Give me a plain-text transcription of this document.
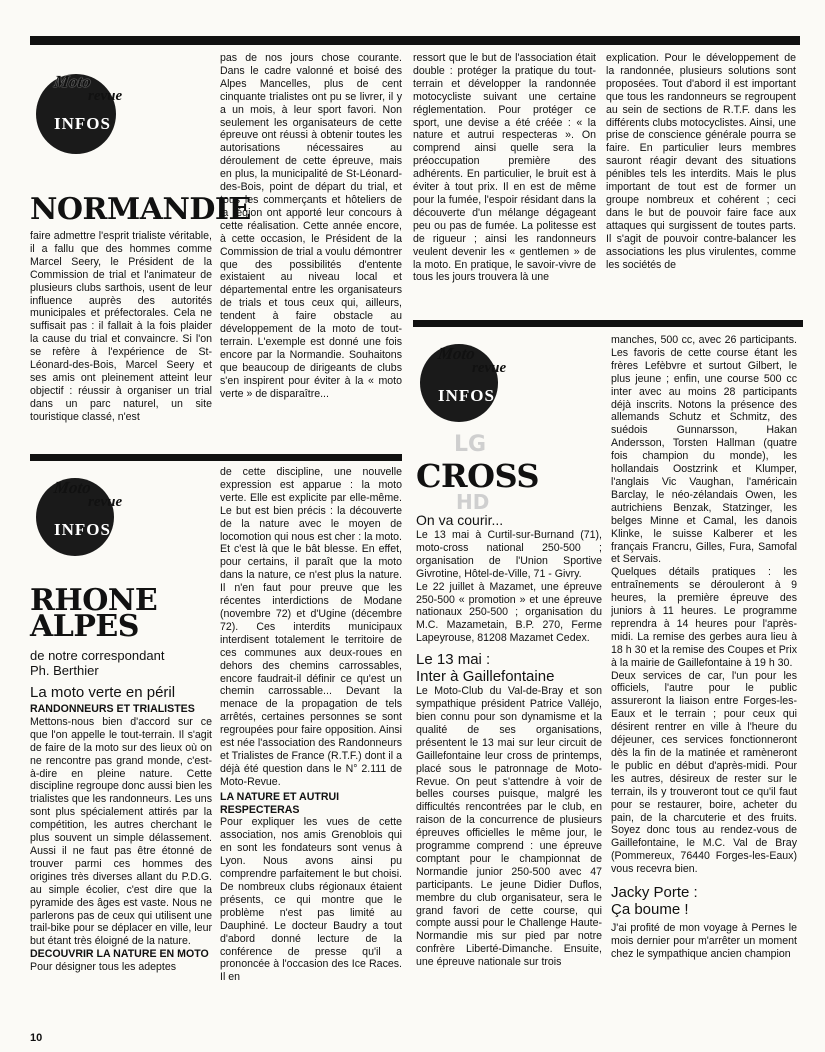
Moto
revue
INFOS
NORMANDIE

faire admettre l'esprit trialiste véritable, il a fallu que des hommes comme Marcel Seery, le Président de la Commission de trial et l'animateur de plusieurs clubs sarthois, usent de leur influence auprès des autorités municipales et préfectorales. Cela ne suffisait pas : il fallait à la fois plaider la cause du trial et convaincre. Si l'on se refère à l'expérience de St-Léonard-des-Bois, Marcel Seery et ses amis ont pleinement atteint leur objectif : réussir à organiser un trial dans un parc naturel, un site touristique classé, n'est

pas de nos jours chose courante. Dans le cadre valonné et boisé des Alpes Mancelles, plus de cent cinquante trialistes ont pu se livrer, il y a un mois, à leur sport favori. Non seulement les organisateurs de cette épreuve ont réussi à obtenir toutes les autorisations nécessaires au déroulement de cette épreuve, mais en plus, la municipalité de St-Léonard-des-Bois, point de départ du trial, et tous les commerçants et hôteliers de la région ont apporté leur concours à cette réalisation. Cette année encore, à cette occasion, le Président de la Commission de trial a voulu démontrer que des possibilités d'entente existaient au niveau local et départemental entre les organisateurs de trials et tous ceux qui, ailleurs, tendent à faire obstacle au développement de la moto de tout-terrain. L'exemple est donné une fois encore par la Normandie. Souhaitons que beaucoup de dirigeants de clubs s'en inspirent pour éviter à la « moto verte » de disparaître...

ressort que le but de l'association était double : protéger la pratique du tout-terrain et développer la randonnée motocycliste suivant une certaine réglementation. Pour protéger ce sport, une devise a été créée : « la nature et autrui respecteras ». On comprend ainsi quelle sera la préoccupation première des adhérents. En particulier, le bruit est à éviter à tout prix. Il en est de même pour la fumée, l'espoir résidant dans la découverte d'un mélange dégageant peu ou pas de fumée. La politesse est de rigueur ; ainsi les randonneurs veulent devenir les « gentlemen » de la moto. En pratique, le savoir-vivre de tous les jours trouvera là une

explication. Pour le développement de la randonnée, plusieurs solutions sont proposées. Tout d'abord il est important que tous les randonneurs se regroupent au sein de sections de R.T.F. dans les différents clubs motocyclistes. Ainsi, une prise de conscience générale pourra se faire. En particulier leurs membres sauront réagir devant des situations pénibles tels les interdits. Mais le plus important de tout est de former un groupe nombreux et cohérent ; ceci dans le but de pouvoir faire face aux attaques qui surgissent de toutes parts. Il s'agit de pouvoir contre-balancer les associations les plus virulentes, comme les sociétés de

Moto
revue
INFOS
RHONE
ALPES
de notre correspondant
Ph. Berthier
La moto verte en péril
RANDONNEURS ET TRIALISTES

Mettons-nous bien d'accord sur ce que l'on appelle le tout-terrain. Il s'agit de faire de la moto sur des lieux où on ne rencontre pas grand monde, c'est-à-dire en pleine nature. Cette discipline regroupe donc aussi bien les trialistes que les randonneurs. Les uns sont plus spécialement attirés par la compétition, les autres cherchant le plus souvent un simple délassement. Aussi il ne faut pas être étonné de trouver parmi ces hommes des origines très diverses allant du P.D.G. au simple écolier, c'est dire que la pyramide des âges est vaste. Nous ne parlerons pas de ceux qui utilisent une trail-bike pour se déplacer en ville, leur but étant très éloigné de la nature.

DECOUVRIR LA NATURE EN MOTO

Pour désigner tous les adeptes

de cette discipline, une nouvelle expression est apparue : la moto verte. Elle est explicite par elle-même. Le but est bien précis : la découverte de la nature avec le moyen de locomotion qui nous est cher : la moto. Et c'est là que le bât blesse. En effet, pour certains, il paraît que la moto dans la nature, ce n'est plus la nature. Il n'en faut pour preuve que les récentes interdictions de Modane (novembre 72) et d'Ugine (décembre 72). Ces interdits municipaux interdisent totalement le territoire de ces communes aux deux-roues en dehors des chemins carrossables, encore faudrait-il définir ce qu'est un chemin carrossable... Devant la menace de la propagation de tels arrêtés, certaines personnes se sont regroupées pour faire opposition. Ainsi est née l'association des Randonneurs et Trialistes de France (R.T.F.) dont il a déjà été question dans le N° 2.111 de Moto-Revue.

LA NATURE ET AUTRUI RESPECTERAS

Pour expliquer les vues de cette association, nos amis Grenoblois qui en sont les fondateurs sont venus à Lyon. Nous avons ainsi pu comprendre parfaitement le but choisi. De nombreux clubs régionaux étaient présents, ce qui montre que le problème n'est pas limité au Dauphiné. Le docteur Baudry a tout d'abord donné lecture de la conférence de presse qu'il a prononcée à l'occasion des Ice Races. Il en

10
Moto
revue
INFOS
LG
HD
CROSS
On va courir...

Le 13 mai à Curtil-sur-Burnand (71), moto-cross national 250-500 ; organisation de l'Union Sportive Givrotine, Hôtel-de-Ville, 71 - Givry.

Le 22 juillet à Mazamet, une épreuve 250-500 « promotion » et une épreuve nationaux 250-500 ; organisation du M.C. Mazametain, B.P. 270, Ferme Lapeyrouse, 81208 Mazamet Cedex.

Le 13 mai :
Inter à Gaillefontaine

Le Moto-Club du Val-de-Bray et son sympathique président Patrice Valléjo, bien connu pour son dynamisme et la qualité de ses organisations, présentent le 13 mai sur leur circuit de Gaillefontaine leur cross de printemps, placé sous le patronnage de Moto-Revue. On peut s'attendre à voir de belles courses puisque, malgré les difficultés rencontrées par le club, en raison de la concurrence de plusieurs épreuves officielles le même jour, le programme comprend : une épreuve comptant pour le championnat de Normandie junior 250-500 avec 47 participants. Le jeune Didier Duflos, membre du club organisateur, sera le grand favori de cette course, qui compte aussi pour le Challenge Haute-Normandie mis sur pied par notre confrère Liberté-Dimanche. Ensuite, une épreuve nationale sur trois

manches, 500 cc, avec 26 participants. Les favoris de cette course étant les frères Lefèbvre et surtout Gilbert, le plus jeune ; enfin, une course 500 cc inter avec au moins 28 participants déjà inscrits. Notons la présence des allemands Schutz et Schmitz, des suédois Gunnarsson, Hakan Andersson, Torsten Hallman (quatre fois champion du monde), les hollandais Oostzrink et Klumper, l'anglais Vic Vaughan, l'américain Barclay, le néo-zélandais Owen, les autrichiens Benzak, Statzinger, les belges Minne et Camal, les danois Klinke, le suisse Kalberer et les français Francru, Gilles, Fura, Samofal et Servais.

Quelques détails pratiques : les entraînements se dérouleront à 9 heures, la première épreuve des juniors à 11 heures. Le programme reprendra à 14 heures pour l'après-midi. La remise des gerbes aura lieu à 18 h 30 et la remise des Coupes et Prix à la mairie de Gaillefontaine à 19 h 30.

Deux services de car, l'un pour les officiels, l'autre pour le public assureront la liaison entre Forges-les-Eaux et le terrain ; pour ceux qui désirent rentrer en ville à l'heure du déjeuner, ces services fonctionneront dès la fin de la matinée et ramèneront le public en début d'après-midi. Pour les autres, désireux de rester sur le terrain, ils y trouveront tout ce qu'il faut pour se restaurer, boire, acheter du pain, de la charcuterie et des fruits. Soyez donc tous au rendez-vous de Gaillefontaine, le M.C. Val de Bray (Pommereux, 76440 Forges-les-Eaux) vous recevra bien.

Jacky Porte :
Ça boume !

J'ai profité de mon voyage à Pernes le mois dernier pour m'arrêter un moment chez le sympathique ancien champion
